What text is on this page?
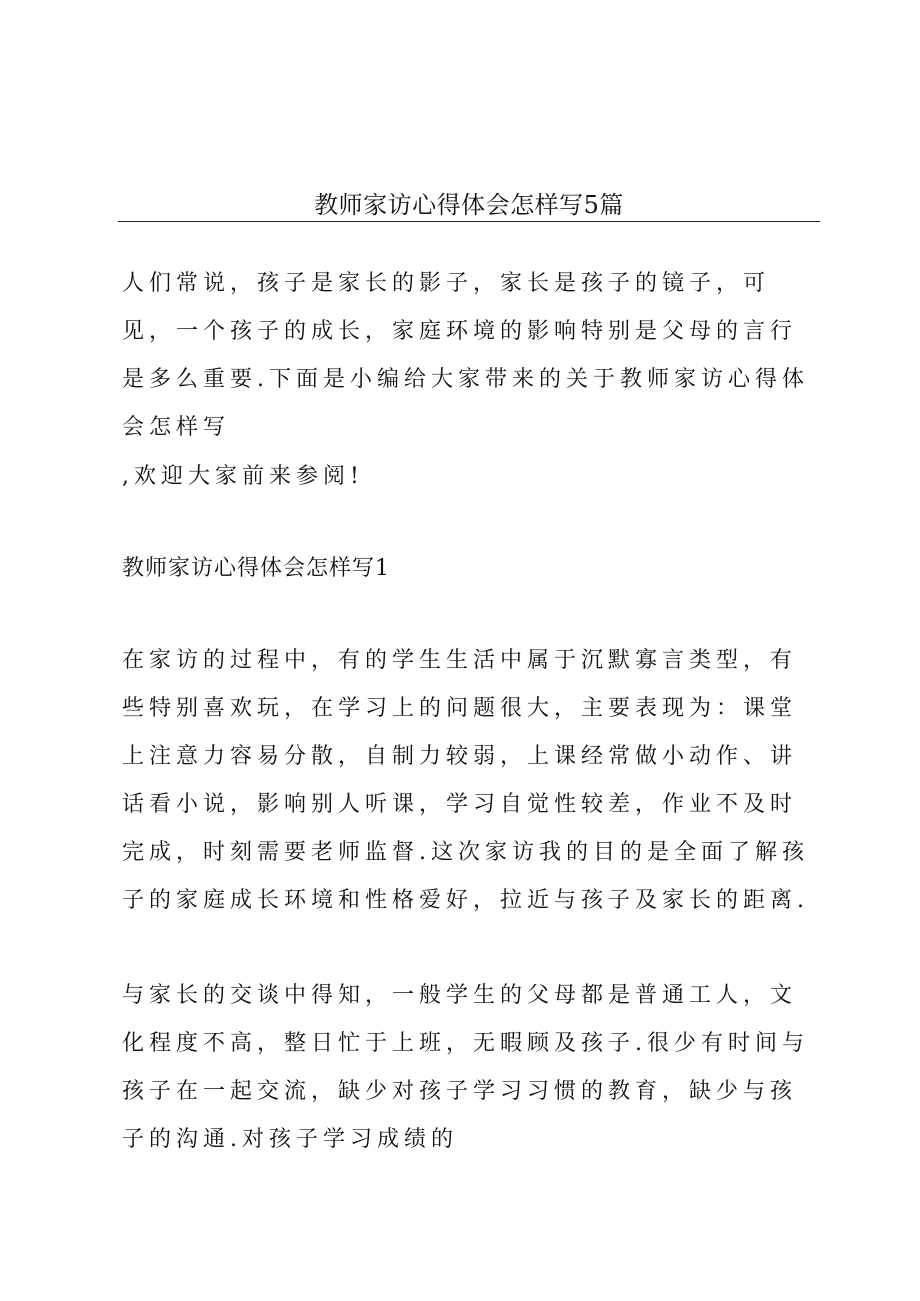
教师家访心得体会怎样写5篇

人们常说，孩子是家长的影子，家长是孩子的镜子，可见，一个孩子的成长，家庭环境的影响特别是父母的言行是多么重要.下面是小编给大家带来的关于教师家访心得体会怎样写

,欢迎大家前来参阅!

教师家访心得体会怎样写1

在家访的过程中，有的学生生活中属于沉默寡言类型，有些特别喜欢玩，在学习上的问题很大，主要表现为：课堂上注意力容易分散，自制力较弱，上课经常做小动作、讲话看小说，影响别人听课，学习自觉性较差，作业不及时完成，时刻需要老师监督.这次家访我的目的是全面了解孩子的家庭成长环境和性格爱好，拉近与孩子及家长的距离.

与家长的交谈中得知，一般学生的父母都是普通工人，文化程度不高，整日忙于上班，无暇顾及孩子.很少有时间与孩子在一起交流，缺少对孩子学习习惯的教育，缺少与孩子的沟通.对孩子学习成绩的
